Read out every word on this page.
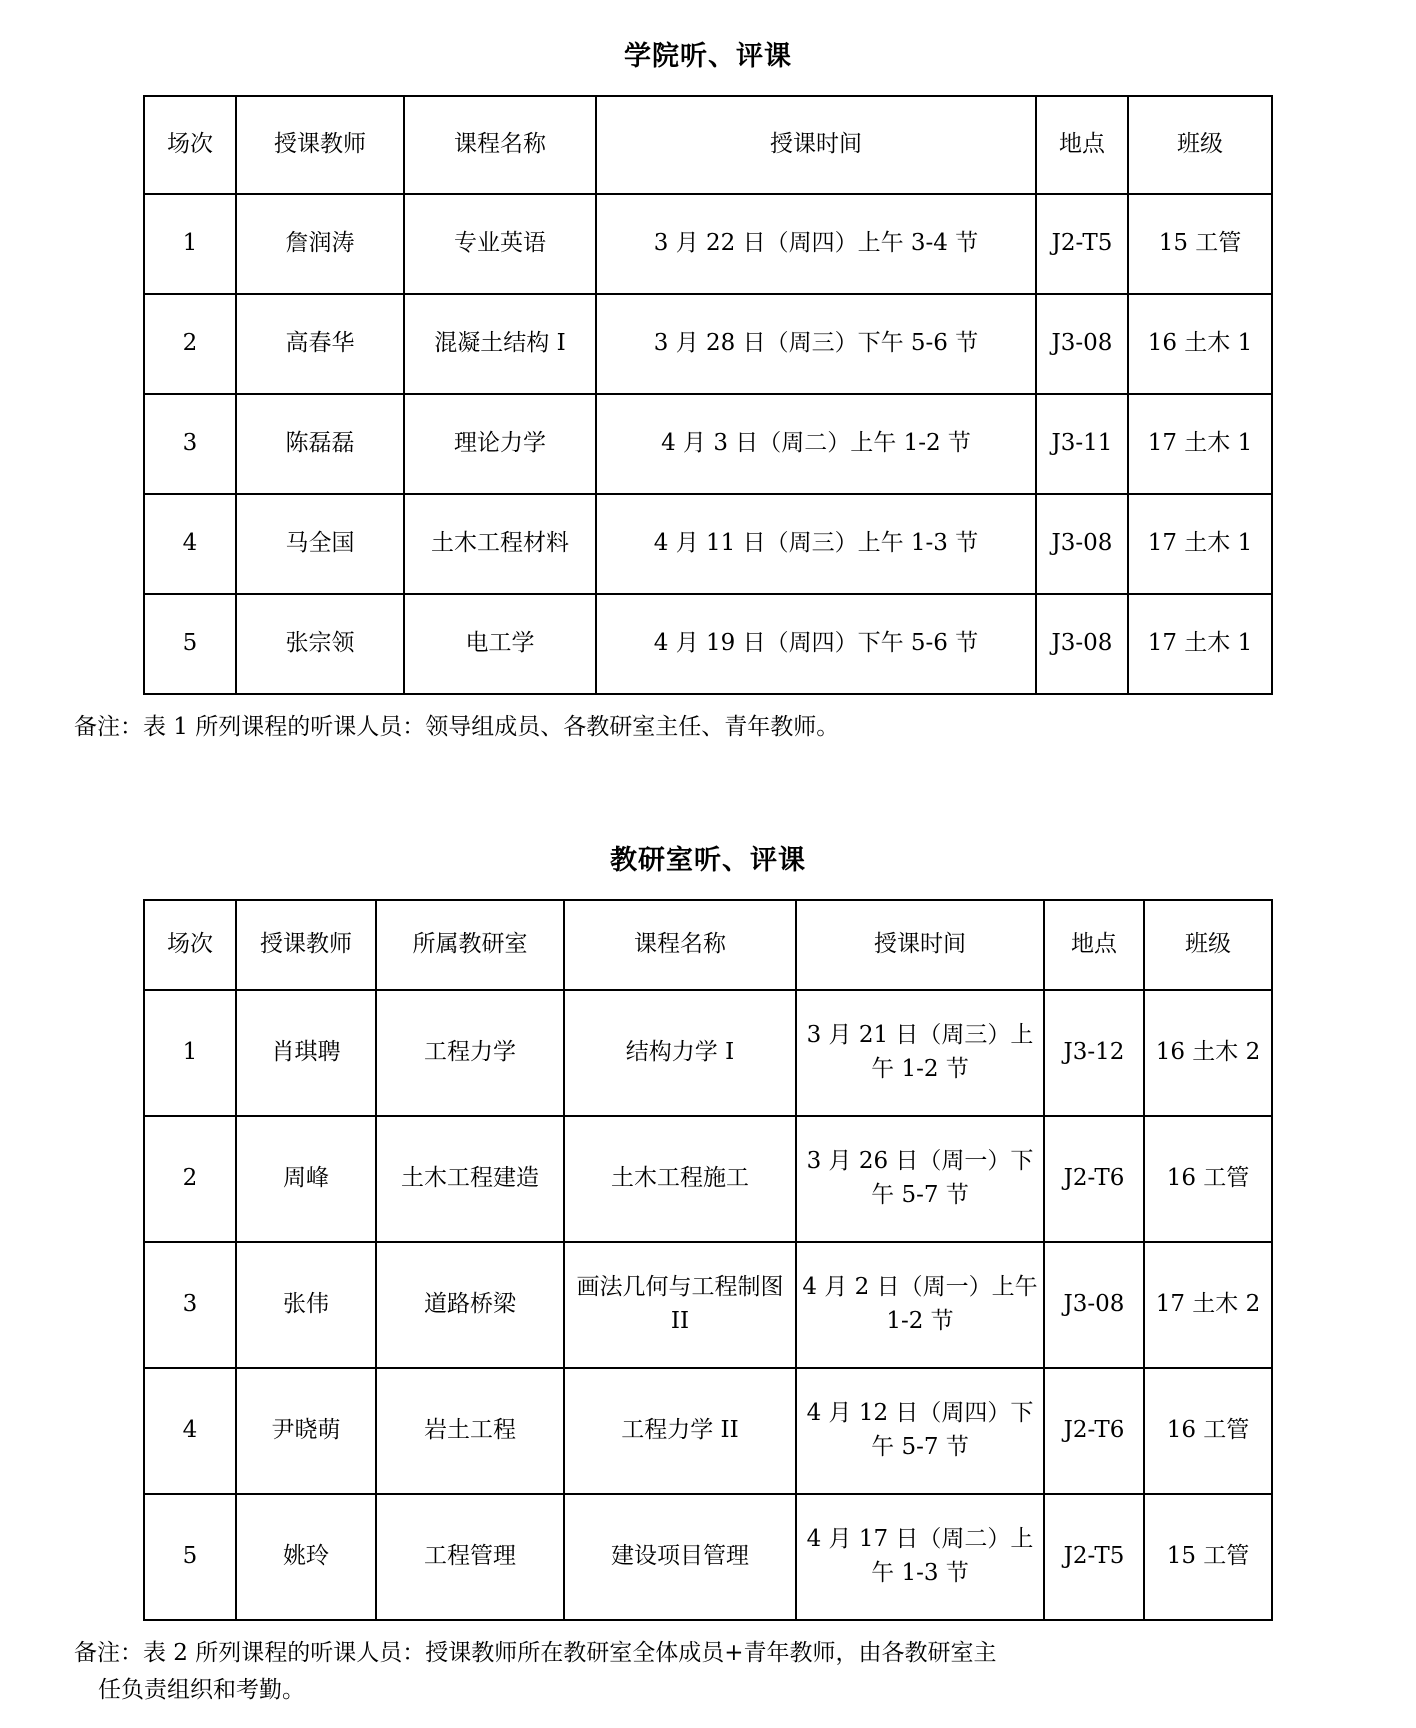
学院听、评课
场次	授课教师	课程名称	授课时间	地点	班级
1	詹润涛	专业英语	3 月 22 日（周四）上午 3-4 节	J2-T5	15 工管
2	高春华	混凝土结构 I	3 月 28 日（周三）下午 5-6 节	J3-08	16 土木 1
3	陈磊磊	理论力学	4 月 3 日（周二）上午 1-2 节	J3-11	17 土木 1
4	马全国	土木工程材料	4 月 11 日（周三）上午 1-3 节	J3-08	17 土木 1
5	张宗领	电工学	4 月 19 日（周四）下午 5-6 节	J3-08	17 土木 1

备注：表 1 所列课程的听课人员：领导组成员、各教研室主任、青年教师。

教研室听、评课
场次	授课教师	所属教研室	课程名称	授课时间	地点	班级
1	肖琪聘	工程力学	结构力学 I	3 月 21 日（周三）上午 1-2 节	J3-12	16 土木 2
2	周峰	土木工程建造	土木工程施工	3 月 26 日（周一）下午 5-7 节	J2-T6	16 工管
3	张伟	道路桥梁	画法几何与工程制图 II	4 月 2 日（周一）上午 1-2 节	J3-08	17 土木 2
4	尹晓萌	岩土工程	工程力学 II	4 月 12 日（周四）下午 5-7 节	J2-T6	16 工管
5	姚玲	工程管理	建设项目管理	4 月 17 日（周二）上午 1-3 节	J2-T5	15 工管

备注：表 2 所列课程的听课人员：授课教师所在教研室全体成员+青年教师，由各教研室主
任负责组织和考勤。
